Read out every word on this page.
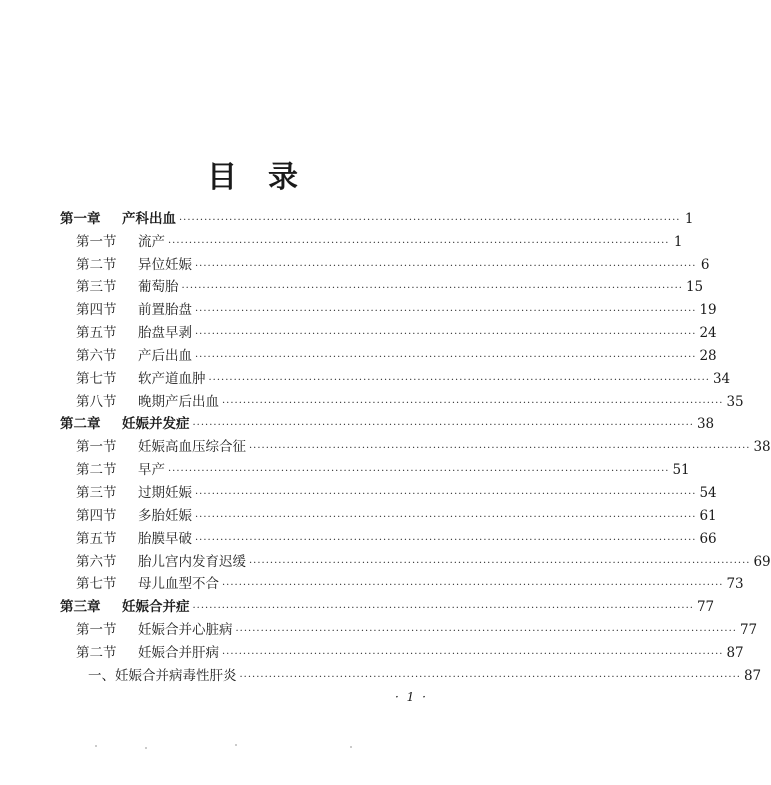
目 录
第一章 产科出血 ························································································································ 1
第一节 流产 ························································································································ 1
第二节 异位妊娠 ························································································································ 6
第三节 葡萄胎 ························································································································ 15
第四节 前置胎盘 ························································································································ 19
第五节 胎盘早剥 ························································································································ 24
第六节 产后出血 ························································································································ 28
第七节 软产道血肿 ························································································································ 34
第八节 晚期产后出血 ························································································································ 35
第二章 妊娠并发症 ························································································································ 38
第一节 妊娠高血压综合征 ························································································································ 38
第二节 早产 ························································································································ 51
第三节 过期妊娠 ························································································································ 54
第四节 多胎妊娠 ························································································································ 61
第五节 胎膜早破 ························································································································ 66
第六节 胎儿宫内发育迟缓 ························································································································ 69
第七节 母儿血型不合 ························································································································ 73
第三章 妊娠合并症 ························································································································ 77
第一节 妊娠合并心脏病 ························································································································ 77
第二节 妊娠合并肝病 ························································································································ 87
一、妊娠合并病毒性肝炎 ························································································································ 87
· 1 ·
